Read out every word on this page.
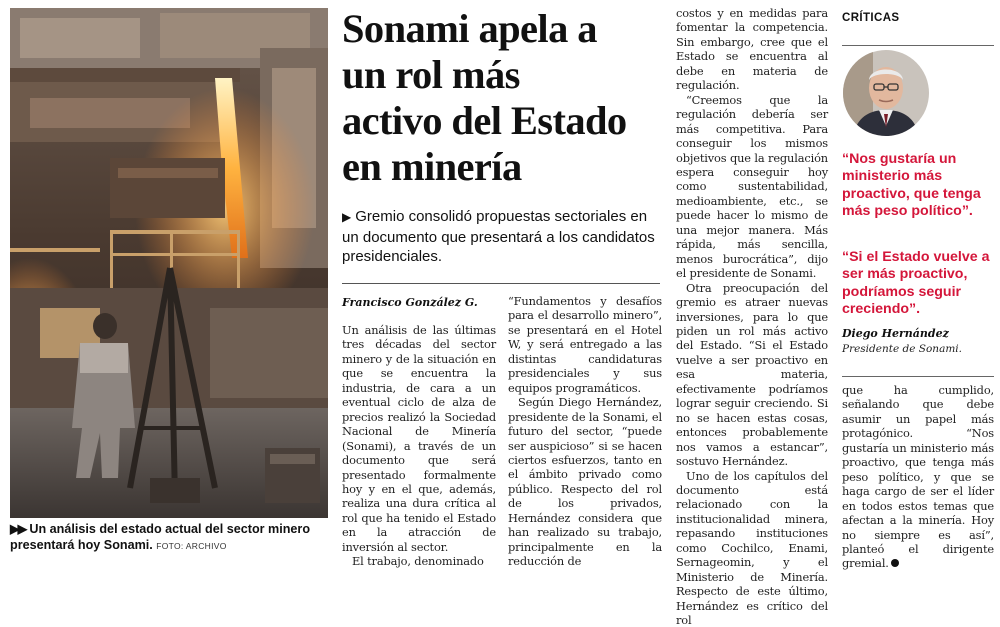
▶▶ Un análisis del estado actual del sector minero presentará hoy Sonami. FOTO: ARCHIVO
Sonami apela a
un rol más
activo del Estado
en minería
▶ Gremio consolidó propuestas sectoriales en un documento que presentará a los candidatos presidenciales.
Francisco González G.

Un análisis de las últimas tres décadas del sector minero y de la situación en que se encuentra la industria, de cara a un eventual ciclo de alza de precios realizó la Sociedad Nacional de Minería (Sonami), a través de un documento que será presentado formalmente hoy y en el que, además, realiza una dura crítica al rol que ha tenido el Estado en la atracción de inversión al sector.

El trabajo, denominado

“Fundamentos y desafíos para el desarrollo minero”, se presentará en el Hotel W, y será entregado a las distintas candidaturas presidenciales y sus equipos programáticos.

Según Diego Hernández, presidente de la Sonami, el futuro del sector, “puede ser auspicioso” si se hacen ciertos esfuerzos, tanto en el ámbito privado como público. Respecto del rol de los privados, Hernández considera que han realizado su trabajo, principalmente en la reducción de

costos y en medidas para fomentar la competencia. Sin embargo, cree que el Estado se encuentra al debe en materia de regulación.

“Creemos que la regulación debería ser más competitiva. Para conseguir los mismos objetivos que la regulación espera conseguir hoy como sustentabilidad, medioambiente, etc., se puede hacer lo mismo de una mejor manera. Más rápida, más sencilla, menos burocrática”, dijo el presidente de Sonami.

Otra preocupación del gremio es atraer nuevas inversiones, para lo que piden un rol más activo del Estado. “Si el Estado vuelve a ser proactivo en esa materia, efectivamente podríamos lograr seguir creciendo. Si no se hacen estas cosas, entonces probablemente nos vamos a estancar”, sostuvo Hernández.

Uno de los capítulos del documento está relacionado con la institucionalidad minera, repasando instituciones como Cochilco, Enami, Sernageomin, y el Ministerio de Minería. Respecto de este último, Hernández es crítico del rol

CRÍTICAS
“Nos gustaría un ministerio más proactivo, que tenga más peso político”.
“Si el Estado vuelve a ser más proactivo, podríamos seguir creciendo”.
Diego Hernández
Presidente de Sonami.

que ha cumplido, señalando que debe asumir un papel más protagónico. “Nos gustaría un ministerio más proactivo, que tenga más peso político, y que se haga cargo de ser el líder en todos estos temas que afectan a la minería. Hoy no siempre es así”, planteó el dirigente gremial.
